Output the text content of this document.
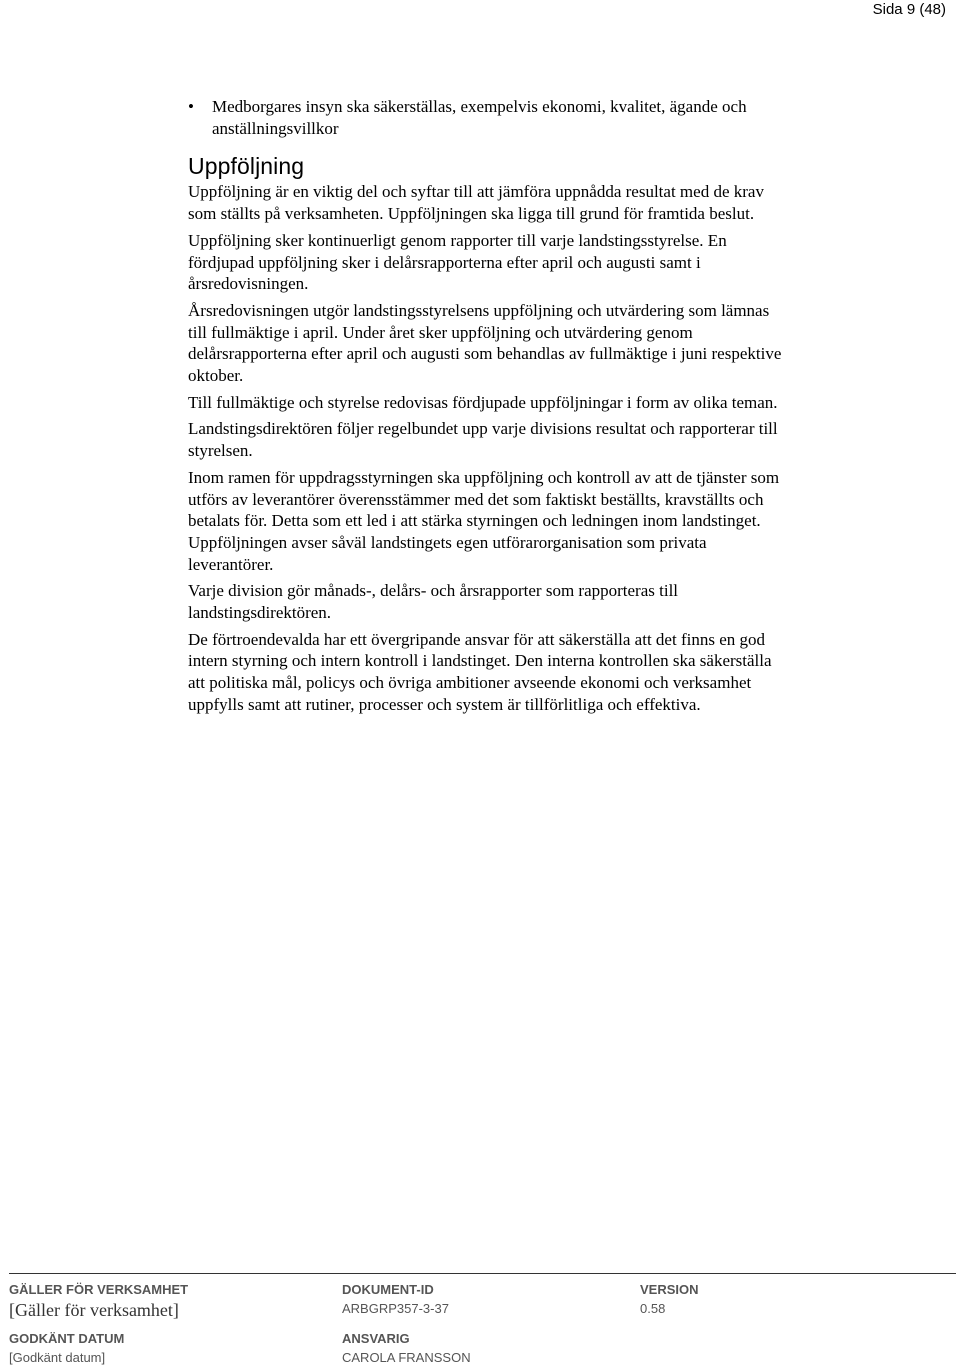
Sida 9 (48)
• Medborgares insyn ska säkerställas, exempelvis ekonomi, kvalitet, ägande och anställningsvillkor
Uppföljning

Uppföljning är en viktig del och syftar till att jämföra uppnådda resultat med de krav som ställts på verksamheten. Uppföljningen ska ligga till grund för framtida beslut.

Uppföljning sker kontinuerligt genom rapporter till varje landstingsstyrelse. En fördjupad uppföljning sker i delårsrapporterna efter april och augusti samt i årsredovisningen.

Årsredovisningen utgör landstingsstyrelsens uppföljning och utvärdering som lämnas till fullmäktige i april. Under året sker uppföljning och utvärdering genom delårsrapporterna efter april och augusti som behandlas av fullmäktige i juni respektive oktober.

Till fullmäktige och styrelse redovisas fördjupade uppföljningar i form av olika teman.

Landstingsdirektören följer regelbundet upp varje divisions resultat och rapporterar till styrelsen.

Inom ramen för uppdragsstyrningen ska uppföljning och kontroll av att de tjänster som utförs av leverantörer överensstämmer med det som faktiskt beställts, kravställts och betalats för. Detta som ett led i att stärka styrningen och ledningen inom landstinget. Uppföljningen avser såväl landstingets egen utförarorganisation som privata leverantörer.

Varje division gör månads-, delårs- och årsrapporter som rapporteras till landstingsdirektören.

De förtroendevalda har ett övergripande ansvar för att säkerställa att det finns en god intern styrning och intern kontroll i landstinget. Den interna kontrollen ska säkerställa att politiska mål, policys och övriga ambitioner avseende ekonomi och verksamhet uppfylls samt att rutiner, processer och system är tillförlitliga och effektiva.

GÄLLER FÖR VERKSAMHET
[Gäller för verksamhet]
DOKUMENT-ID
ARBGRP357-3-37
VERSION
0.58
GODKÄNT DATUM
[Godkänt datum]
ANSVARIG
CAROLA FRANSSON
